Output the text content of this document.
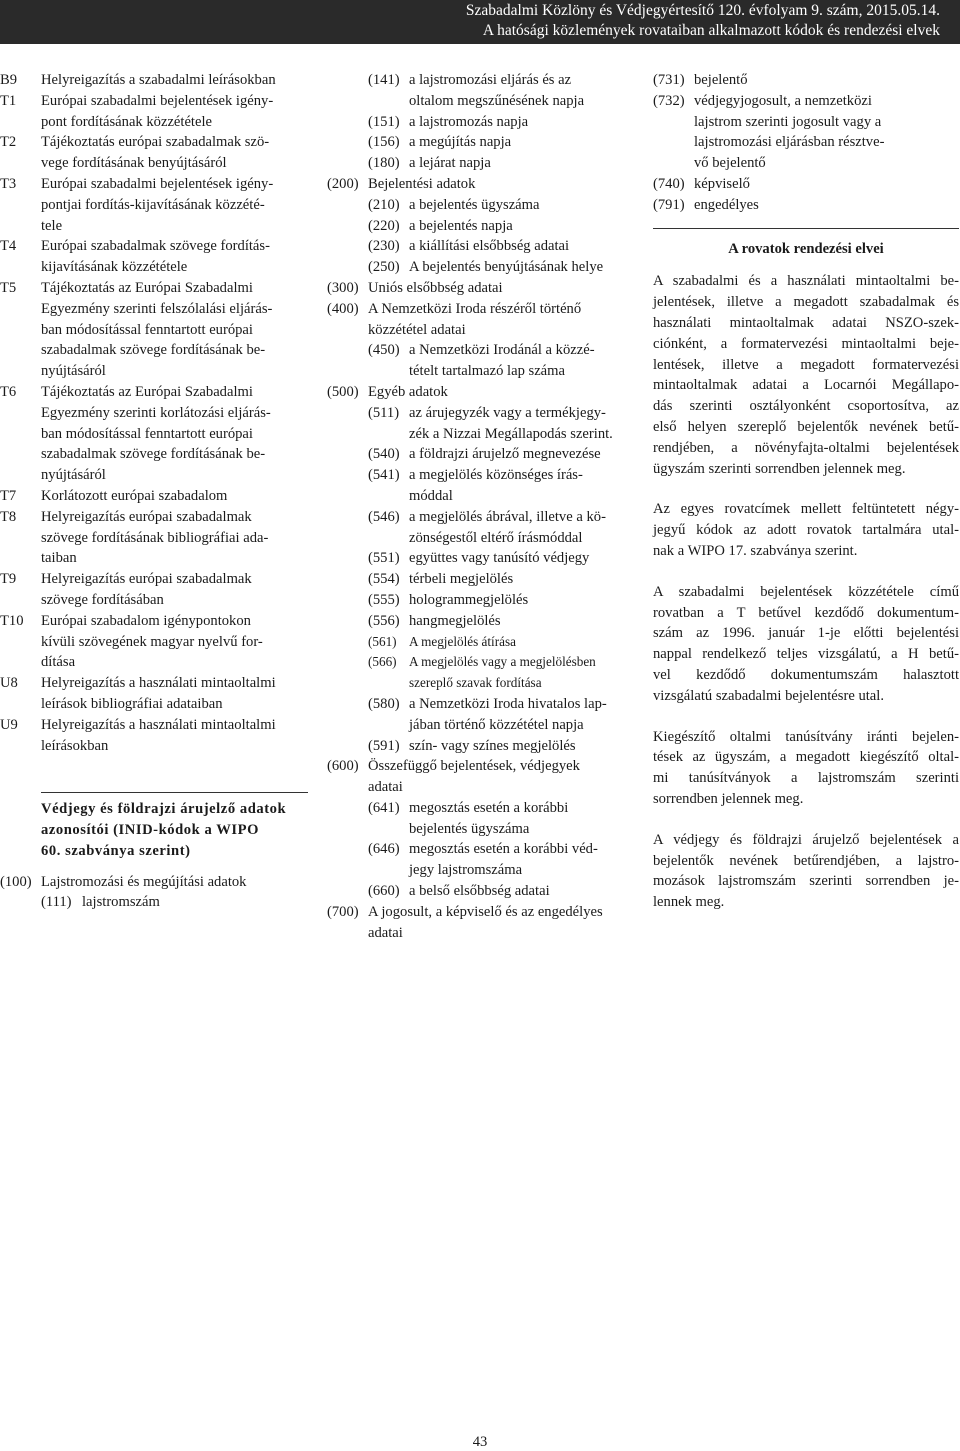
Szabadalmi Közlöny és Védjegyértesítő 120. évfolyam 9. szám, 2015.05.14.
A hatósági közlemények rovataiban alkalmazott kódok és rendezési elvek
B9	Helyreigazítás a szabadalmi leírásokban
T1	Európai szabadalmi bejelentések igény-
pont fordításának közzététele
T2	Tájékoztatás európai szabadalmak szö-
vege fordításának benyújtásáról
T3	Európai szabadalmi bejelentések igény-
pontjai fordítás-kijavításának közzété-
tele
T4	Európai szabadalmak szövege fordítás-
kijavításának közzététele
T5	Tájékoztatás az Európai Szabadalmi
Egyezmény szerinti felszólalási eljárás-
ban módosítással fenntartott európai
szabadalmak szövege fordításának be-
nyújtásáról
T6	Tájékoztatás az Európai Szabadalmi
Egyezmény szerinti korlátozási eljárás-
ban módosítással fenntartott európai
szabadalmak szövege fordításának be-
nyújtásáról
T7	Korlátozott európai szabadalom
T8	Helyreigazítás európai szabadalmak
szövege fordításának bibliográfiai ada-
taiban
T9	Helyreigazítás európai szabadalmak
szövege fordításában
T10	Európai szabadalom igénypontokon
kívüli szövegének magyar nyelvű for-
dítása
U8	Helyreigazítás a használati mintaoltalmi
leírások bibliográfiai adataiban
U9	Helyreigazítás a használati mintaoltalmi
leírásokban
Védjegy és földrajzi árujelző adatok
azonosítói (INID-kódok a WIPO
60. szabványa szerint)
(100) Lajstromozási és megújítási adatok
(111) lajstromszám
(141) a lajstromozási eljárás és az
oltalom megszűnésének napja
(151) a lajstromozás napja
(156) a megújítás napja
(180) a lejárat napja
(200) Bejelentési adatok
(210) a bejelentés ügyszáma
(220) a bejelentés napja
(230) a kiállítási elsőbbség adatai
(250) A bejelentés benyújtásának helye
(300) Uniós elsőbbség adatai
(400) A Nemzetközi Iroda részéről történő
közzététel adatai
(450) a Nemzetközi Irodánál a közzé-
tételt tartalmazó lap száma
(500) Egyéb adatok
(511) az árujegyzék vagy a termékjegy-
zék a Nizzai Megállapodás szerint.
(540) a földrajzi árujelző megnevezése
(541) a megjelölés közönséges írás-
móddal
(546) a megjelölés ábrával, illetve a kö-
zönségestől eltérő írásmóddal
(551) együttes vagy tanúsító védjegy
(554) térbeli megjelölés
(555) hologrammegjelölés
(556) hangmegjelölés
(561) A megjelölés átírása
(566) A megjelölés vagy a megjelölésben
szereplő szavak fordítása
(580) a Nemzetközi Iroda hivatalos lap-
jában történő közzététel napja
(591) szín- vagy színes megjelölés
(600) Összefüggő bejelentések, védjegyek
adatai
(641) megosztás esetén a korábbi
bejelentés ügyszáma
(646) megosztás esetén a korábbi véd-
jegy lajstromszáma
(660) a belső elsőbbség adatai
(700) A jogosult, a képviselő és az engedélyes
adatai
(731) bejelentő
(732) védjegyjogosult, a nemzetközi
lajstrom szerinti jogosult vagy a
lajstromozási eljárásban résztve-
vő bejelentő
(740) képviselő
(791) engedélyes
A rovatok rendezési elvei
A szabadalmi és a használati mintaoltalmi be-
jelentések, illetve a megadott szabadalmak és
használati mintaoltalmak adatai NSZO-szek-
ciónként, a formatervezési mintaoltalmi beje-
lentések, illetve a megadott formatervezési
mintaoltalmak adatai a Locarnói Megállapo-
dás szerinti osztályonként csoportosítva, az
első helyen szereplő bejelentők nevének betű-
rendjében, a növényfajta-oltalmi bejelentések
ügyszám szerinti sorrendben jelennek meg.
Az egyes rovatcímek mellett feltüntetett négy-
jegyű kódok az adott rovatok tartalmára utal-
nak a WIPO 17. szabványa szerint.
A szabadalmi bejelentések közzététele című
rovatban a T betűvel kezdődő dokumentum-
szám az 1996. január 1-je előtti bejelentési
nappal rendelkező teljes vizsgálatú, a H betű-
vel kezdődő dokumentumszám halasztott
vizsgálatú szabadalmi bejelentésre utal.
Kiegészítő oltalmi tanúsítvány iránti bejelen-
tések az ügyszám, a megadott kiegészítő oltal-
mi tanúsítványok a lajstromszám szerinti
sorrendben jelennek meg.
A védjegy és földrajzi árujelző bejelentések a
bejelentők nevének betűrendjében, a lajstro-
mozások lajstromszám szerinti sorrendben je-
lennek meg.
43
